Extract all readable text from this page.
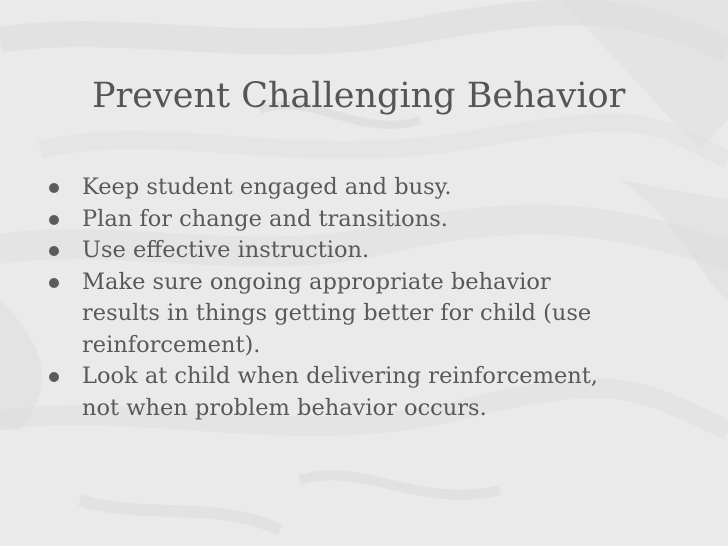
Prevent Challenging Behavior
Keep student engaged and busy.
Plan for change and transitions.
Use effective instruction.
Make sure ongoing appropriate behavior
results in things getting better for child (use
reinforcement).
Look at child when delivering reinforcement,
not when problem behavior occurs.
